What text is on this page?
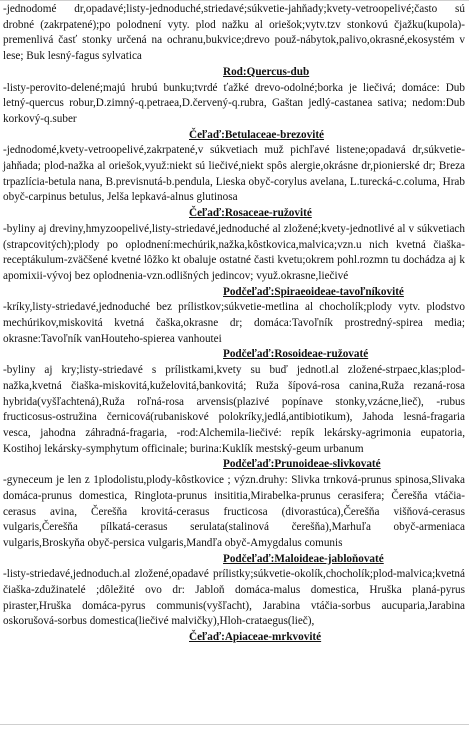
-jednodomé dr,opadavé;listy-jednoduché,striedavé;súkvetie-jahňady;kvety-vetroopelivé;často sú drobné (zakrpatené);po polodnení vyty. plod nažku al oriešok;vytv.tzv stonkovú čjažku(kupola)-premenlivá časť stonky určená na ochranu,bukvice;drevo použ-nábytok,palivo,okrasné,ekosystém v lese; Buk lesný-fagus sylvatica

Rod:Quercus-dub

-listy-perovito-delené;majú hrubú bunku;tvrdé ťažké drevo-odolné;borka je liečivá; domáce: Dub letný-quercus robur,D.zimný-q.petraea,D.červený-q.rubra, Gaštan jedlý-castanea sativa; nedom:Dub korkový-q.suber

Čeľaď:Betulaceae-brezovité

-jednodomé,kvety-vetroopelivé,zakrpatené,v súkvetiach muž pichľavé listene;opadavá dr,súkvetie-jahňada; plod-nažka al oriešok,využ:niekt sú liečivé,niekt spôs alergie,okrásne dr,pionierské dr; Breza trpazlícia-betula nana, B.previsnutá-b.pendula, Lieska obyč-corylus avelana, L.turecká-c.columa, Hrab obyč-carpinus betulus, Jelša lepkavá-alnus glutinosa

Čeľaď:Rosaceae-ružovité

-byliny aj dreviny,hmyzoopelivé,listy-striedavé,jednoduché al zložené;kvety-jednotlivé al v súkvetiach (strapcovitých);plody po oplodnení:mechúrik,nažka,kôstkovica,malvica;vzn.u nich kvetná čiaška-receptákulum-zväčšené kvetné lôžko kt obaluje ostatné časti kvetu;okrem pohl.rozmn tu dochádza aj k apomixii-vývoj bez oplodnenia-vzn.odlišných jedincov; využ.okrasne,liečivé

Podčeľaď:Spiraeoideae-tavoľníkovité

-kríky,listy-striedavé,jednoduché bez prílistkov;súkvetie-metlina al chocholík;plody vytv. plodstvo mechúrikov,miskovitá kvetná čaška,okrasne dr; domáca:Tavoľník prostredný-spirea media; okrasne:Tavoľník vanHouteho-spierea vanhoutei

Podčeľaď:Rosoideae-ružovaté

-byliny aj kry;listy-striedavé s prílistkami,kvety su buď jednotl.al zložené-strpaec,klas;plod-nažka,kvetná čiaška-miskovitá,kuželovitá,bankovitá; Ruža šípová-rosa canina,Ruža rezaná-rosa hybrida(vyšľachtená),Ruža roľná-rosa arvensis(plazivé popínave stonky,vzácne,lieč), -rubus fructicosus-ostružina černicová(rubaniskové polokríky,jedlá,antibiotikum), Jahoda lesná-fragaria vesca, jahodna záhradná-fragaria, -rod:Alchemila-liečivé: repík lekársky-agrimonia eupatoria, Kostihoj lekársky-symphytum officinale; burina:Kuklík mestský-geum urbanum

Podčeľaď:Prunoideae-slivkovaté

-gyneceum je len z 1plodolistu,plody-kôstkovice ; význ.druhy: Slivka trnková-prunus spinosa,Slivaka domáca-prunus domestica, Ringlota-prunus insititia,Mirabelka-prunus cerasifera; Čerešňa vtáčia-cerasus avina, Čerešňa krovitá-cerasus fructicosa (divorastúca),Čerešňa višňová-cerasus vulgaris,Čerešňa pílkatá-cerasus serulata(stalinová čerešňa),Marhuľa obyč-armeniaca vulgaris,Broskyňa obyč-persica vulgaris,Mandľa obyč-Amygdalus comunis

Podčeľaď:Maloideae-jabloňovaté

-listy-striedavé,jednoduch.al zložené,opadavé prílistky;súkvetie-okolík,chocholík;plod-malvica;kvetná čiaška-zdužinatelé ;dôležité ovo dr: Jabloň domáca-malus domestica, Hruška planá-pyrus piraster,Hruška domáca-pyrus communis(vyšľacht), Jarabina vtáčia-sorbus aucuparia,Jarabina oskorušová-sorbus domestica(liečivé malvičky),Hloh-crataegus(lieč),

Čeľaď:Apiaceae-mrkvovité
